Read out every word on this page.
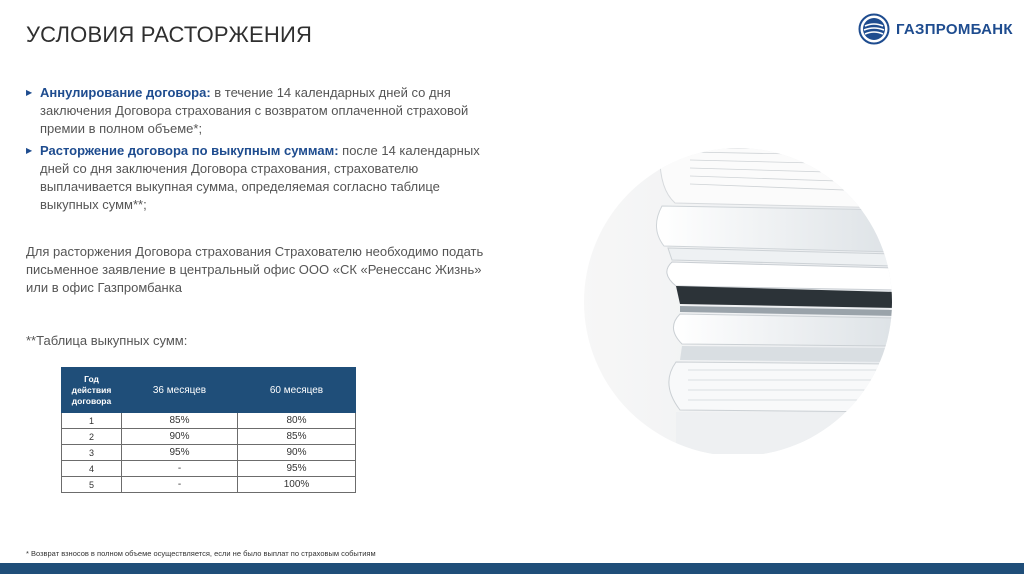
УСЛОВИЯ РАСТОРЖЕНИЯ	ГАЗПРОМБАНК
▶ Аннулирование договора: в течение 14 календарных дней со дня заключения Договора страхования с возвратом оплаченной страховой премии в полном объеме*;
▶ Расторжение договора по выкупным суммам: после 14 календарных дней со дня заключения Договора страхования, страхователю выплачивается выкупная сумма, определяемая согласно таблице выкупных сумм**;

Для расторжения Договора страхования Страхователю необходимо подать письменное заявление в центральный офис ООО «СК «Ренессанс Жизнь» или в офис Газпромбанка

**Таблица выкупных сумм:

Год действия договора	36 месяцев	60 месяцев
1	85%	80%
2	90%	85%
3	95%	90%
4	-	95%
5	-	100%

* Возврат взносов в полном объеме осуществляется, если не было выплат по страховым событиям
